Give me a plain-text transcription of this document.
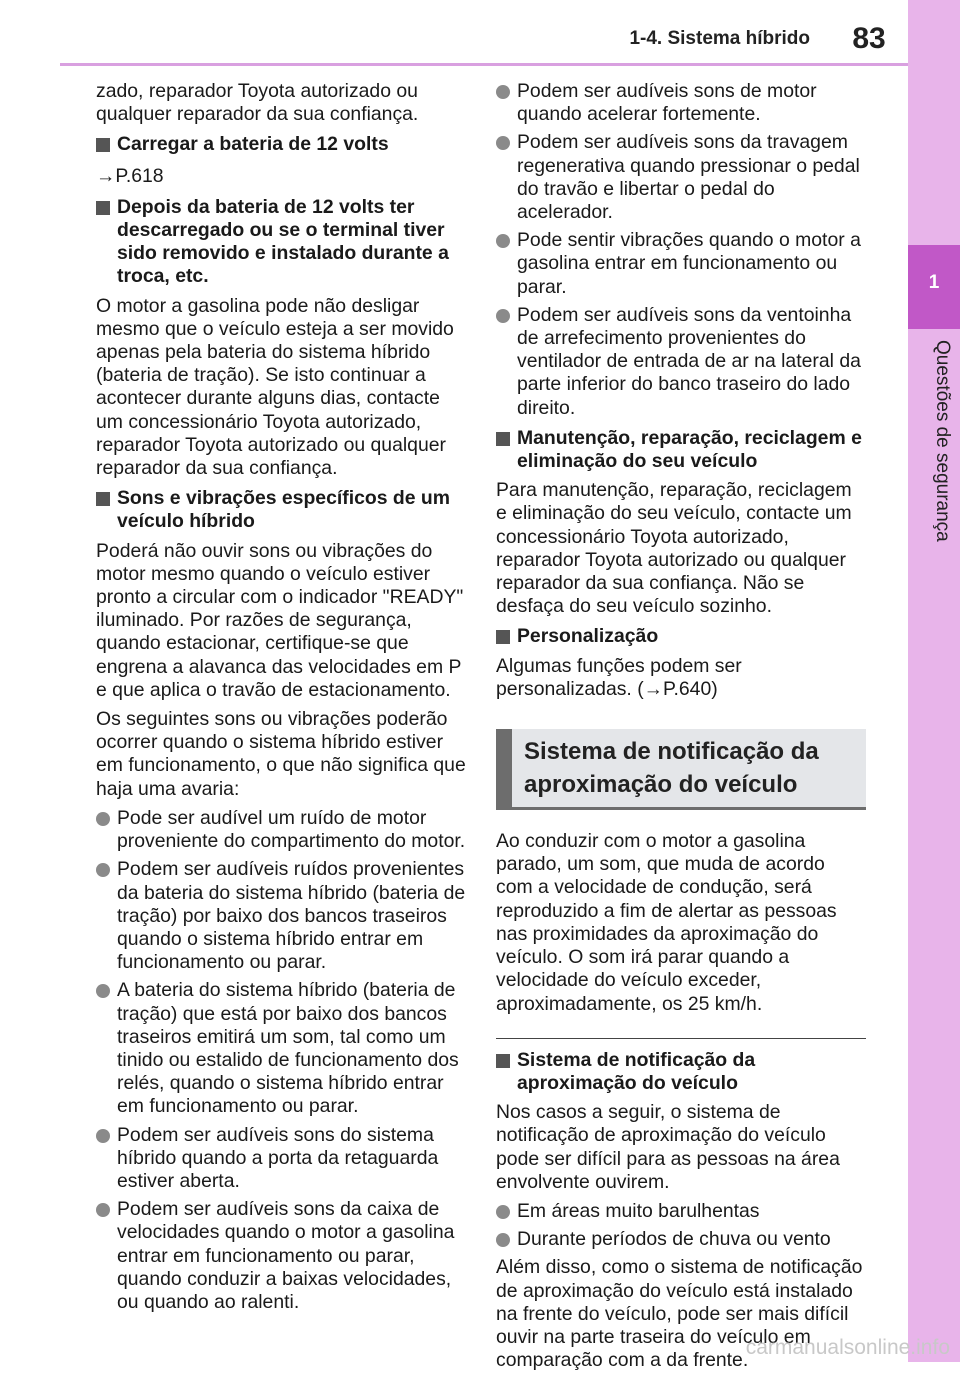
1-4. Sistema híbrido	83
1
Questões de segurança

zado, reparador Toyota autorizado ou qualquer reparador da sua confiança.

Carregar a bateria de 12 volts
→P.618
Depois da bateria de 12 volts ter descarregado ou se o terminal tiver sido removido e instalado durante a troca, etc.

O motor a gasolina pode não desligar mesmo que o veículo esteja a ser movido apenas pela bateria do sistema híbrido (bateria de tração). Se isto continuar a acontecer durante alguns dias, contacte um concessionário Toyota autorizado, reparador Toyota autorizado ou qualquer reparador da sua confiança.

Sons e vibrações específicos de um veículo híbrido

Poderá não ouvir sons ou vibrações do motor mesmo quando o veículo estiver pronto a circular com o indicador "READY" iluminado. Por razões de segurança, quando estacionar, certifique-se que engrena a alavanca das velocidades em P e que aplica o travão de estacionamento.

Os seguintes sons ou vibrações poderão ocorrer quando o sistema híbrido estiver em funcionamento, o que não significa que haja uma avaria:

Pode ser audível um ruído de motor proveniente do compartimento do motor.
Podem ser audíveis ruídos provenientes da bateria do sistema híbrido (bateria de tração) por baixo dos bancos traseiros quando o sistema híbrido entrar em funcionamento ou parar.
A bateria do sistema híbrido (bateria de tração) que está por baixo dos bancos traseiros emitirá um som, tal como um tinido ou estalido de funcionamento dos relés, quando o sistema híbrido entrar em funcionamento ou parar.
Podem ser audíveis sons do sistema híbrido quando a porta da retaguarda estiver aberta.
Podem ser audíveis sons da caixa de velocidades quando o motor a gasolina entrar em funcionamento ou parar, quando conduzir a baixas velocidades, ou quando ao ralenti.
Podem ser audíveis sons de motor quando acelerar fortemente.
Podem ser audíveis sons da travagem regenerativa quando pressionar o pedal do travão e libertar o pedal do acelerador.
Pode sentir vibrações quando o motor a gasolina entrar em funcionamento ou parar.
Podem ser audíveis sons da ventoinha de arrefecimento provenientes do ventilador de entrada de ar na lateral da parte inferior do banco traseiro do lado direito.
Manutenção, reparação, reciclagem e eliminação do seu veículo

Para manutenção, reparação, reciclagem e eliminação do seu veículo, contacte um concessionário Toyota autorizado, reparador Toyota autorizado ou qualquer reparador da sua confiança. Não se desfaça do seu veículo sozinho.

Personalização

Algumas funções podem ser personalizadas. (→P.640)

Sistema de notificação da aproximação do veículo

Ao conduzir com o motor a gasolina parado, um som, que muda de acordo com a velocidade de condução, será reproduzido a fim de alertar as pessoas nas proximidades da aproximação do veículo. O som irá parar quando a velocidade do veículo exceder, aproximadamente, os 25 km/h.

Sistema de notificação da aproximação do veículo

Nos casos a seguir, o sistema de notificação de aproximação do veículo pode ser difícil para as pessoas na área envolvente ouvirem.

Em áreas muito barulhentas
Durante períodos de chuva ou vento

Além disso, como o sistema de notificação de aproximação do veículo está instalado na frente do veículo, pode ser mais difícil ouvir na parte traseira do veículo em comparação com a da frente.

carmanualsonline.info
